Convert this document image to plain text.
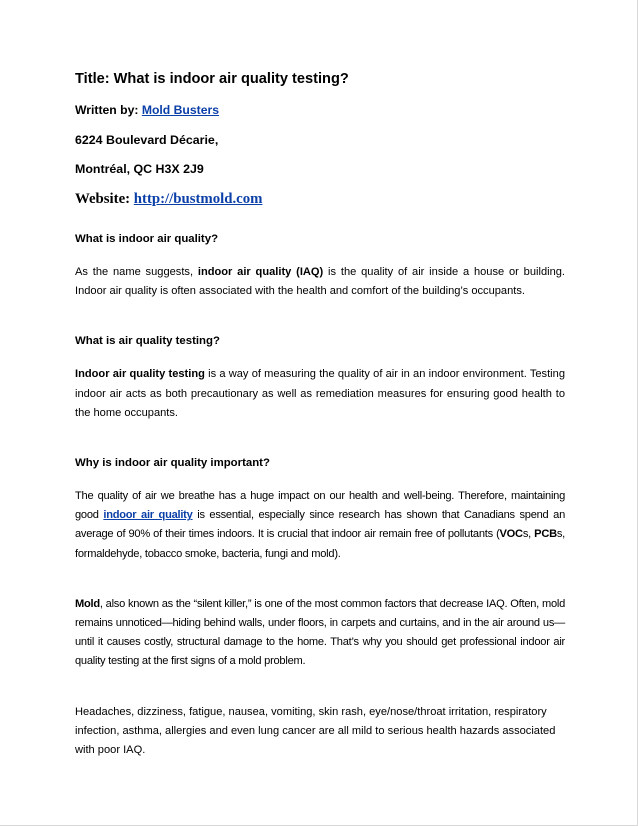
Title: What is indoor air quality testing?

Written by: Mold Busters

6224 Boulevard Décarie,

Montréal, QC H3X 2J9

Website: http://bustmold.com

What is indoor air quality?

As the name suggests, indoor air quality (IAQ) is the quality of air inside a house or building. Indoor air quality is often associated with the health and comfort of the building’s occupants.

What is air quality testing?

Indoor air quality testing is a way of measuring the quality of air in an indoor environment. Testing indoor air acts as both precautionary as well as remediation measures for ensuring good health to the home occupants.

Why is indoor air quality important?

The quality of air we breathe has a huge impact on our health and well-being. Therefore, maintaining good indoor air quality is essential, especially since research has shown that Canadians spend an average of 90% of their times indoors. It is crucial that indoor air remain free of pollutants (VOCs, PCBs, formaldehyde, tobacco smoke, bacteria, fungi and mold).

Mold, also known as the “silent killer,” is one of the most common factors that decrease IAQ. Often, mold remains unnoticed—hiding behind walls, under floors, in carpets and curtains, and in the air around us—until it causes costly, structural damage to the home. That’s why you should get professional indoor air quality testing at the first signs of a mold problem.

Headaches, dizziness, fatigue, nausea, vomiting, skin rash, eye/nose/throat irritation, respiratory infection, asthma, allergies and even lung cancer are all mild to serious health hazards associated with poor IAQ.
